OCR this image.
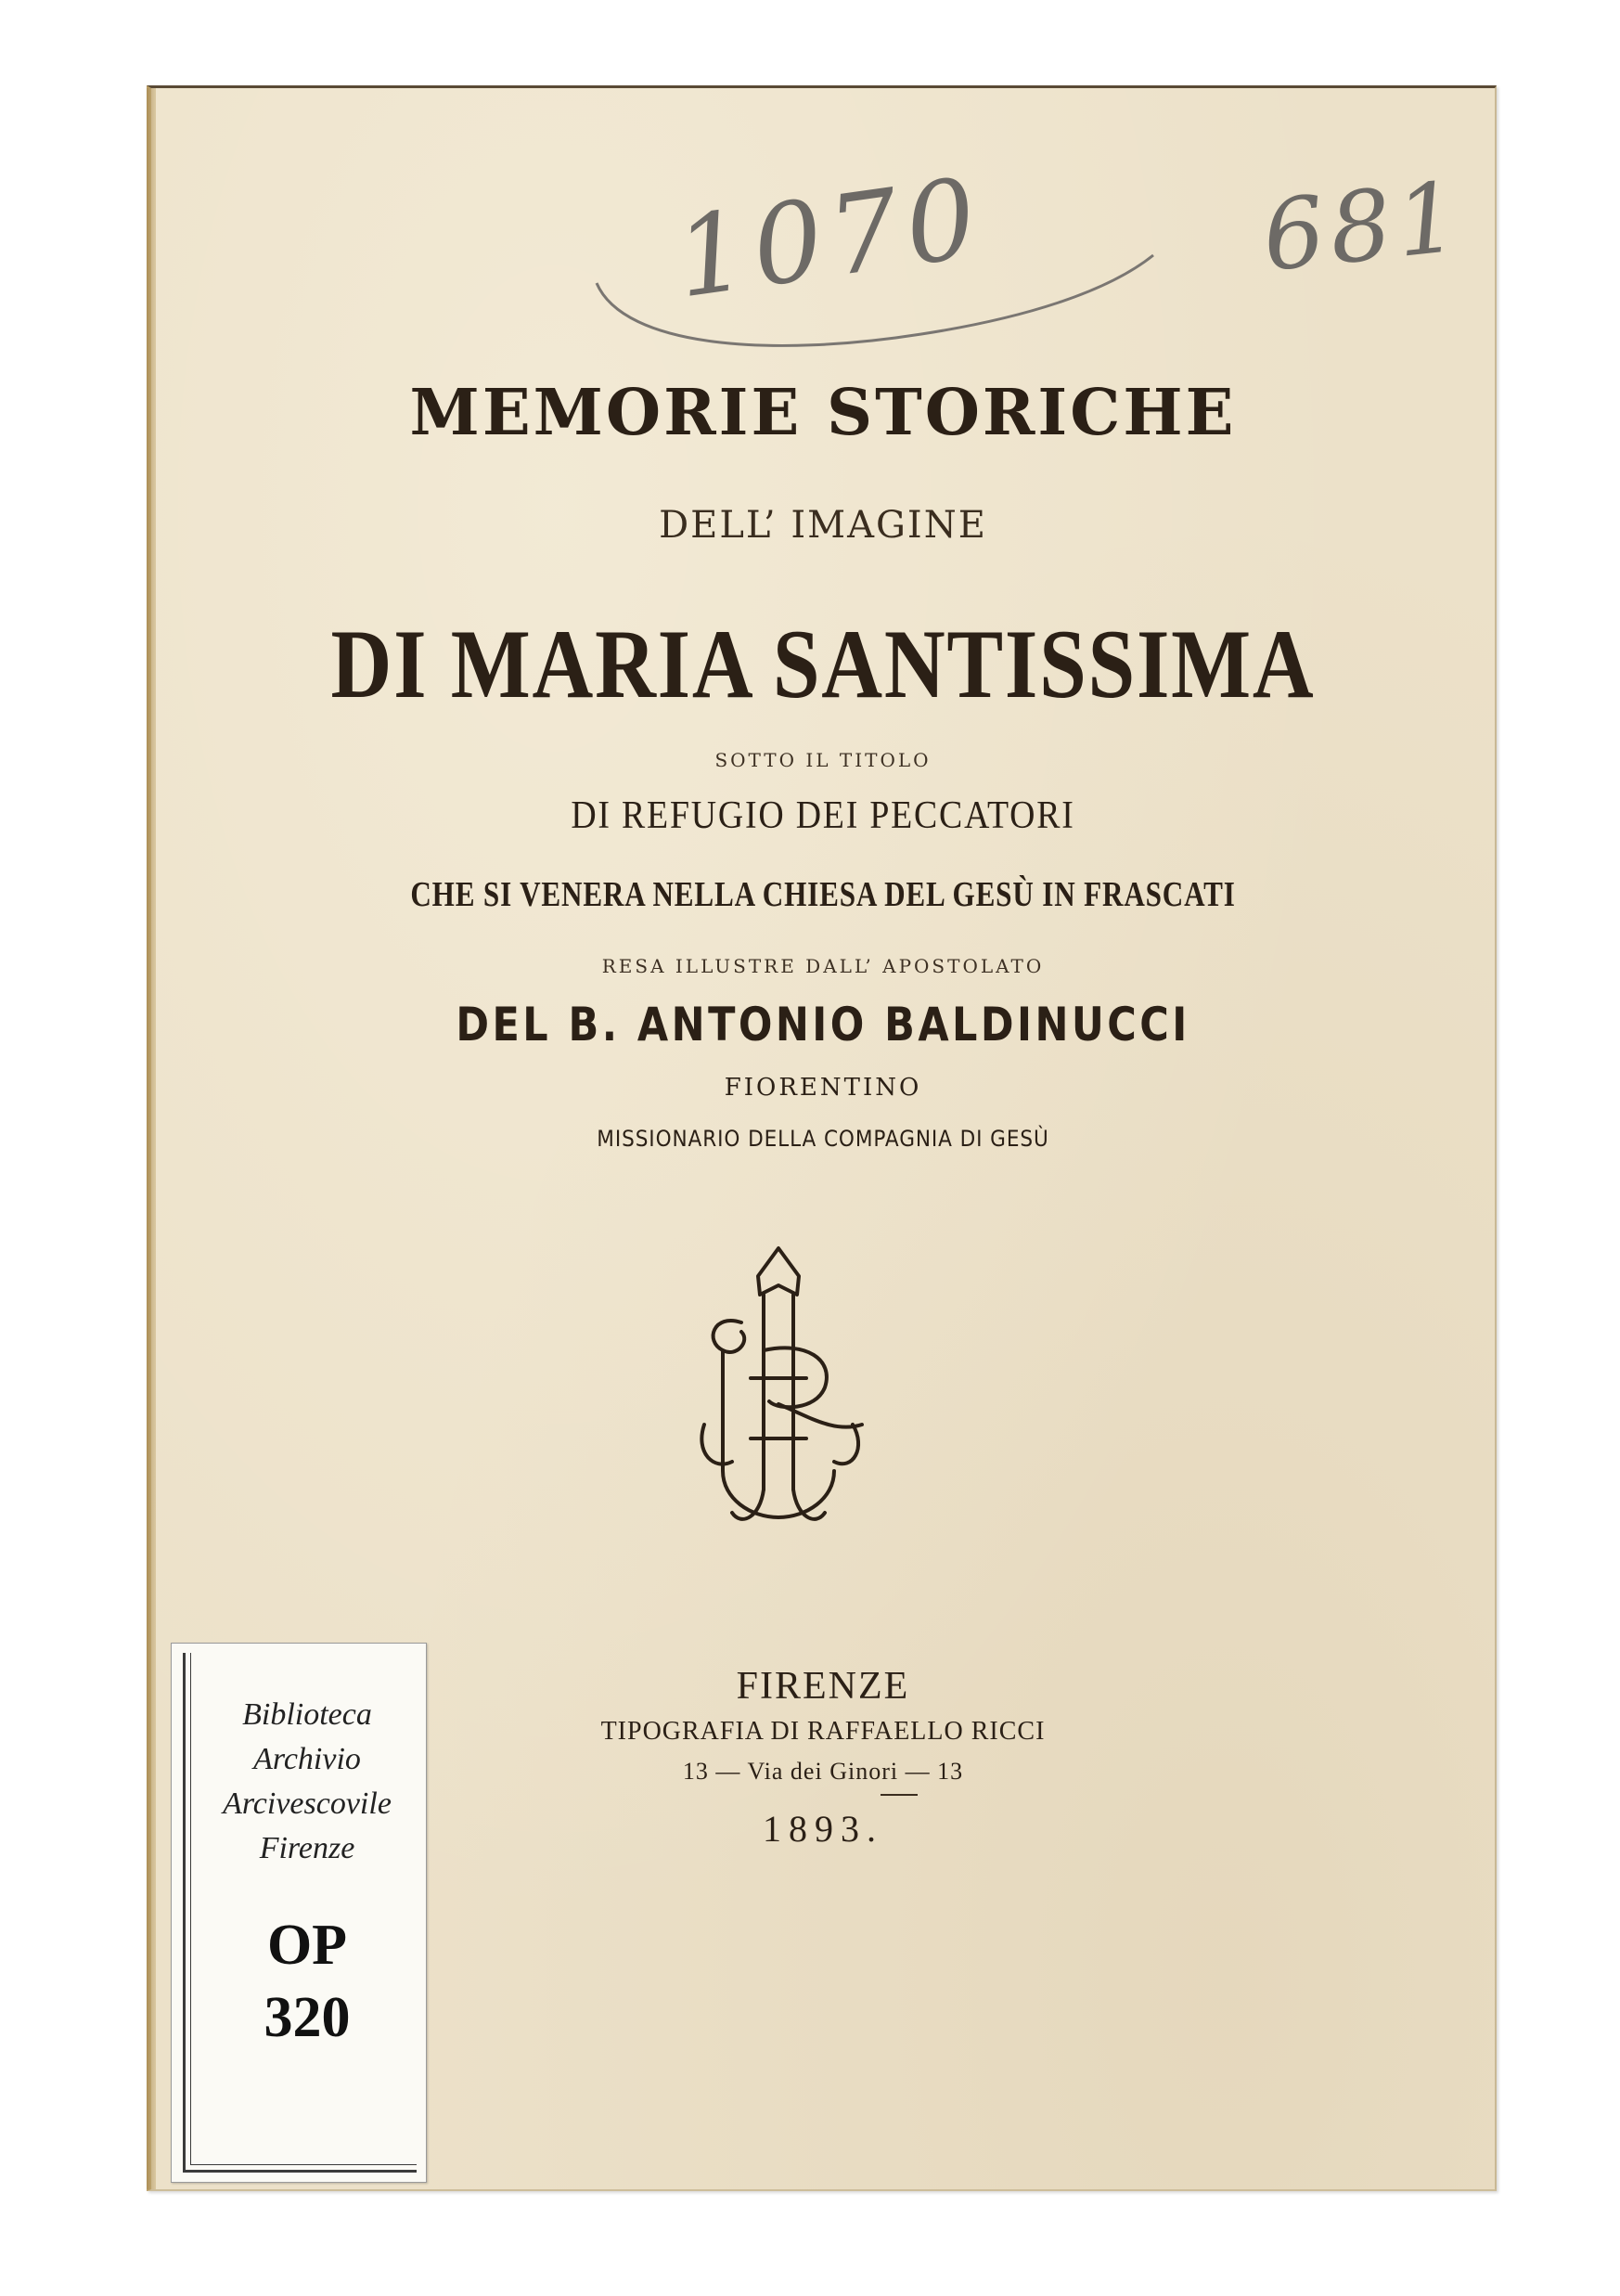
1070	681
MEMORIE STORICHE
DELL’ IMAGINE
DI MARIA SANTISSIMA
SOTTO IL TITOLO
DI REFUGIO DEI PECCATORI
CHE SI VENERA NELLA CHIESA DEL GESÙ IN FRASCATI
RESA ILLUSTRE DALL’ APOSTOLATO
DEL B. ANTONIO BALDINUCCI
FIORENTINO
MISSIONARIO DELLA COMPAGNIA DI GESÙ
FIRENZE
TIPOGRAFIA DI RAFFAELLO RICCI
13 — Via dei Ginori — 13
1893.
Biblioteca
Archivio
Arcivescovile
Firenze
OP
320
